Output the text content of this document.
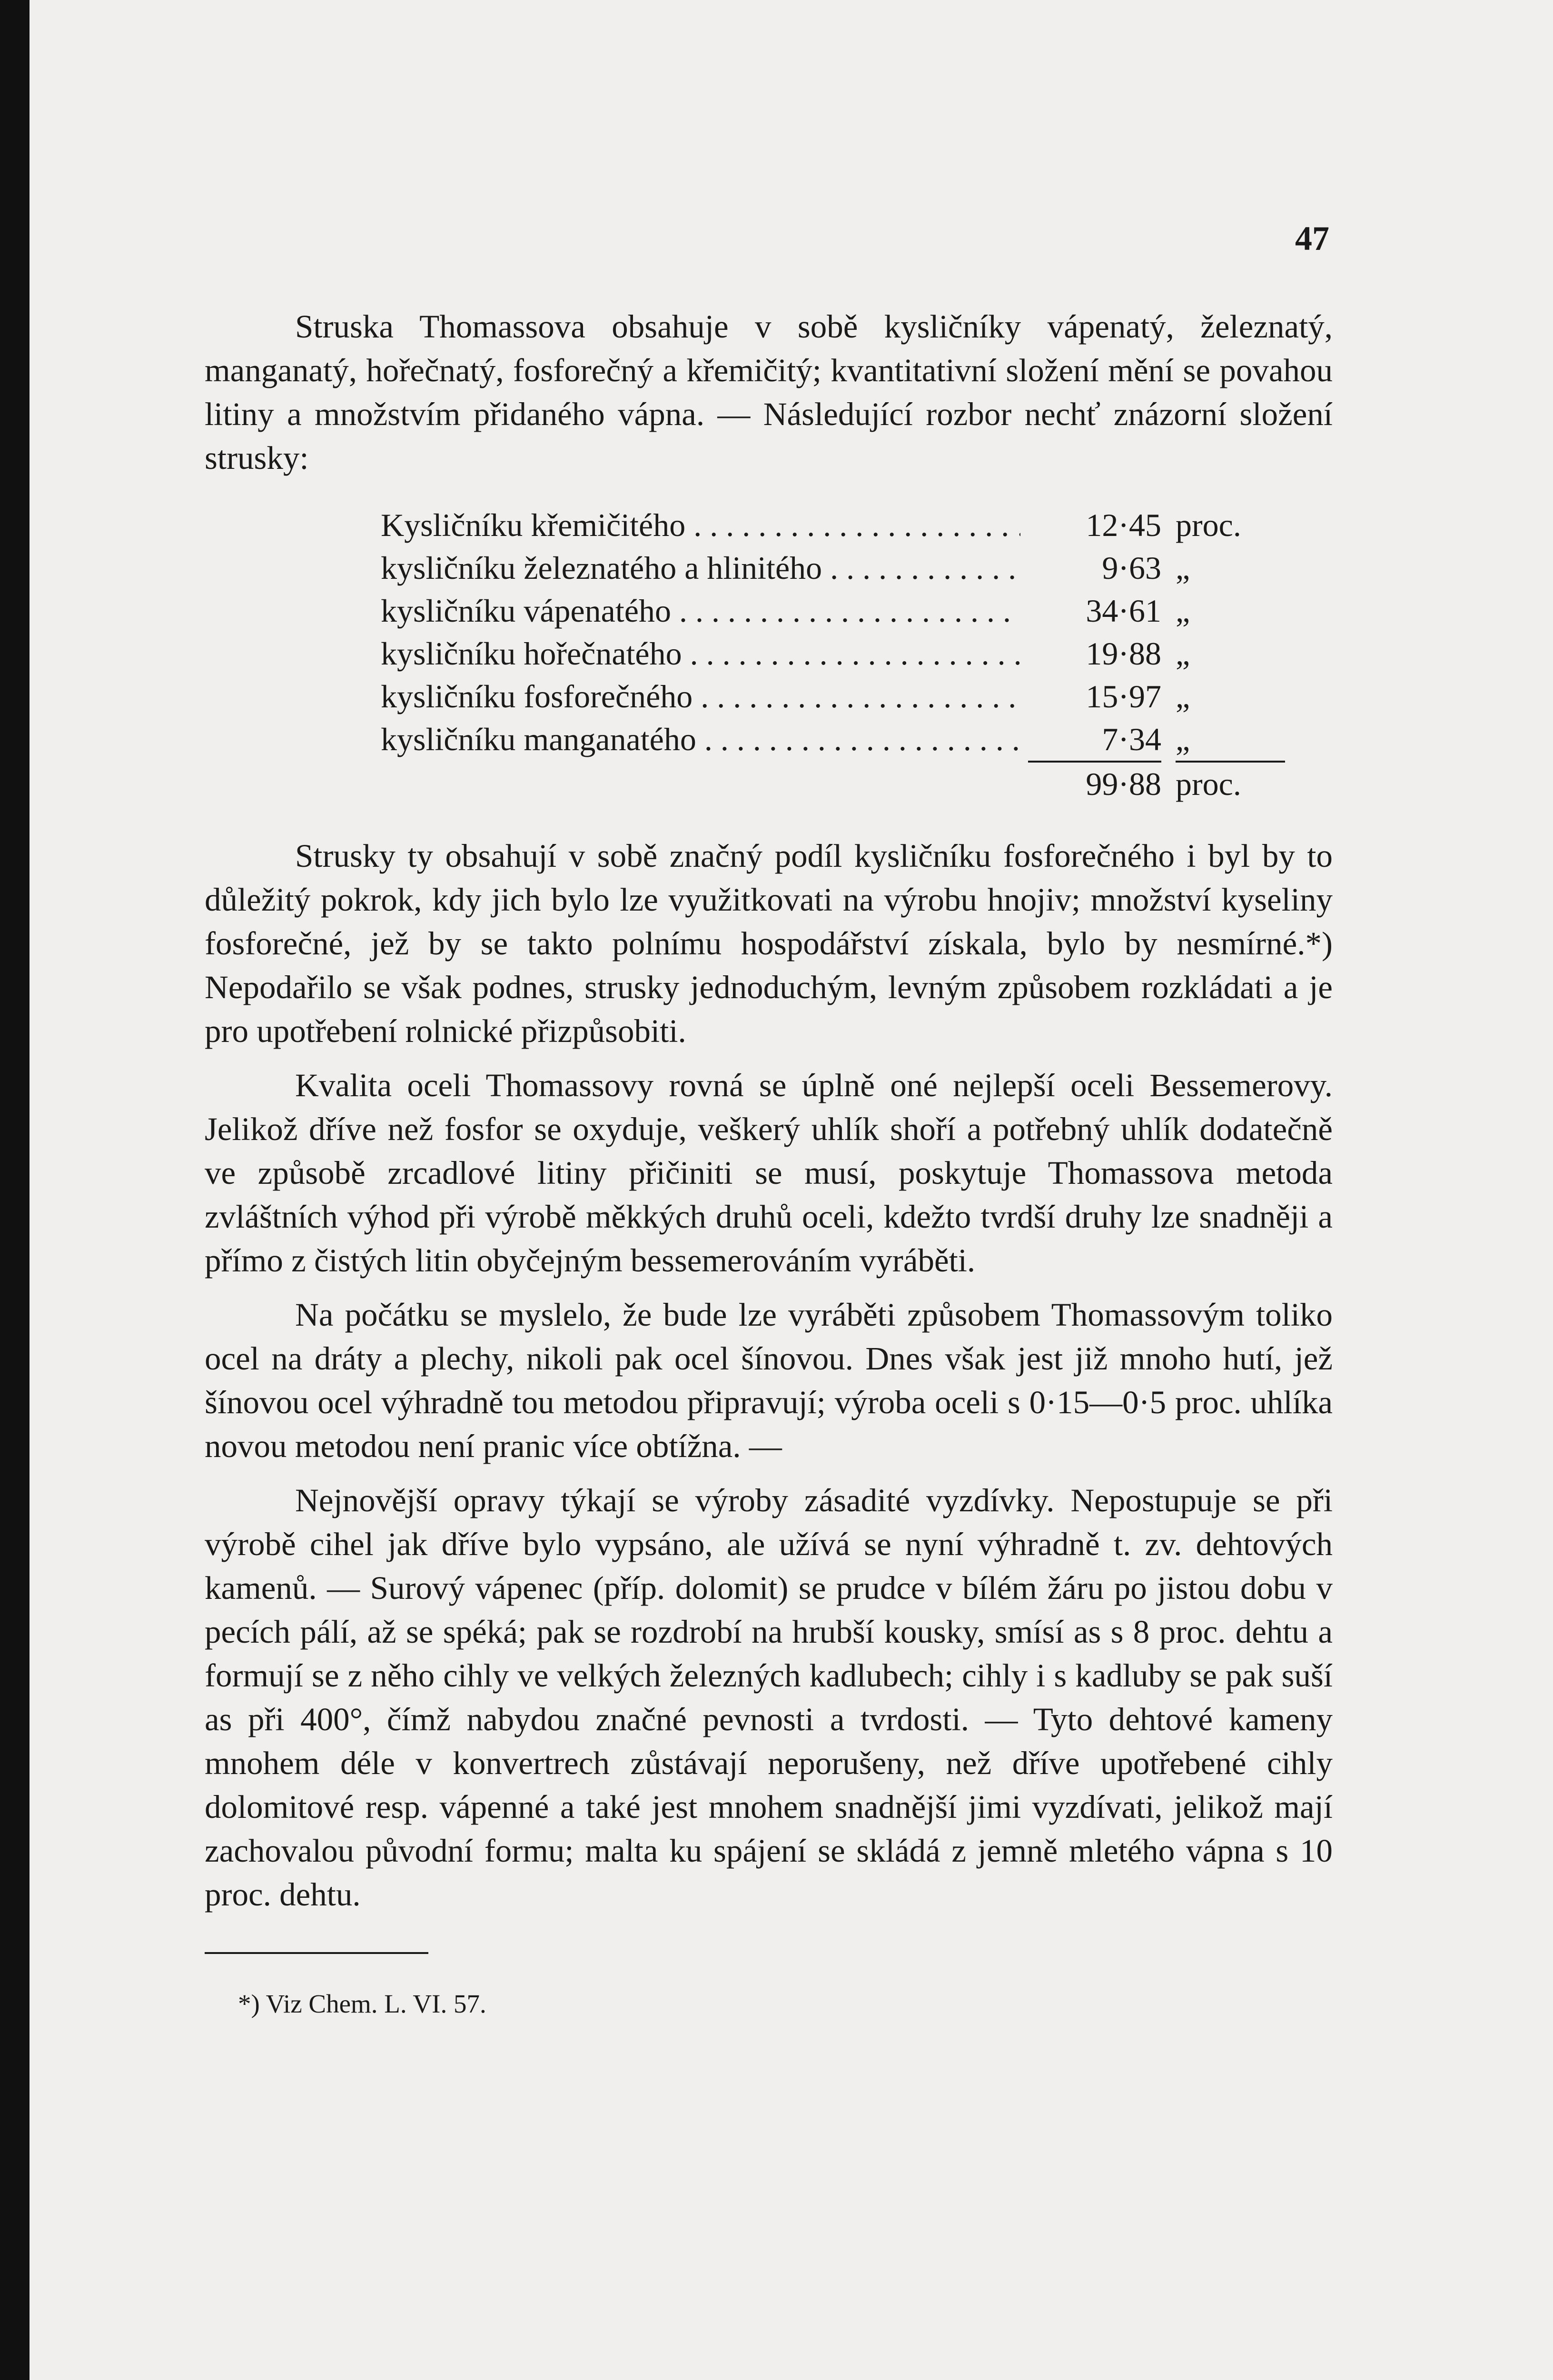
47

Struska Thomassova obsahuje v sobě kysličníky vápenatý, železnatý, manganatý, hořečnatý, fosforečný a křemičitý; kvantitativní složení mění se povahou litiny a množstvím přidaného vápna. — Následující rozbor nechť znázorní složení strusky:

Kysličníku křemičitého . . .	12·45 proc.
kysličníku železnatého a hlinitého . . .	9·63 „
kysličníku vápenatého . . .	34·61 „
kysličníku hořečnatého . . .	19·88 „
kysličníku fosforečného . . .	15·97 „
kysličníku manganatého . . .	7·34 „
99·88 proc.

Strusky ty obsahují v sobě značný podíl kysličníku fosforečného i byl by to důležitý pokrok, kdy jich bylo lze využitkovati na výrobu hnojiv; množství kyseliny fosforečné, jež by se takto polnímu hospodářství získala, bylo by nesmírné.*) Nepodařilo se však podnes, strusky jednoduchým, levným způsobem rozkládati a je pro upotřebení rolnické přizpůsobiti.

Kvalita oceli Thomassovy rovná se úplně oné nejlepší oceli Bessemerovy. Jelikož dříve než fosfor se oxyduje, veškerý uhlík shoří a potřebný uhlík dodatečně ve způsobě zrcadlové litiny přičiniti se musí, poskytuje Thomassova metoda zvláštních výhod při výrobě měkkých druhů oceli, kdežto tvrdší druhy lze snadněji a přímo z čistých litin obyčejným bessemerováním vyráběti.

Na počátku se myslelo, že bude lze vyráběti způsobem Thomassovým toliko ocel na dráty a plechy, nikoli pak ocel šínovou. Dnes však jest již mnoho hutí, jež šínovou ocel výhradně tou metodou připravují; výroba oceli s 0·15—0·5 proc. uhlíka novou metodou není pranic více obtížna. —

Nejnovější opravy týkají se výroby zásadité vyzdívky. Nepostupuje se při výrobě cihel jak dříve bylo vypsáno, ale užívá se nyní výhradně t. zv. dehtových kamenů. — Surový vápenec (příp. dolomit) se prudce v bílém žáru po jistou dobu v pecích pálí, až se spéká; pak se rozdrobí na hrubší kousky, smísí as s 8 proc. dehtu a formují se z něho cihly ve velkých železných kadlubech; cihly i s kadluby se pak suší as při 400°, čímž nabydou značné pevnosti a tvrdosti. — Tyto dehtové kameny mnohem déle v konvertrech zůstávají neporušeny, než dříve upotřebené cihly dolomitové resp. vápenné a také jest mnohem snadnější jimi vyzdívati, jelikož mají zachovalou původní formu; malta ku spájení se skládá z jemně mletého vápna s 10 proc. dehtu.

*) Viz Chem. L. VI. 57.
